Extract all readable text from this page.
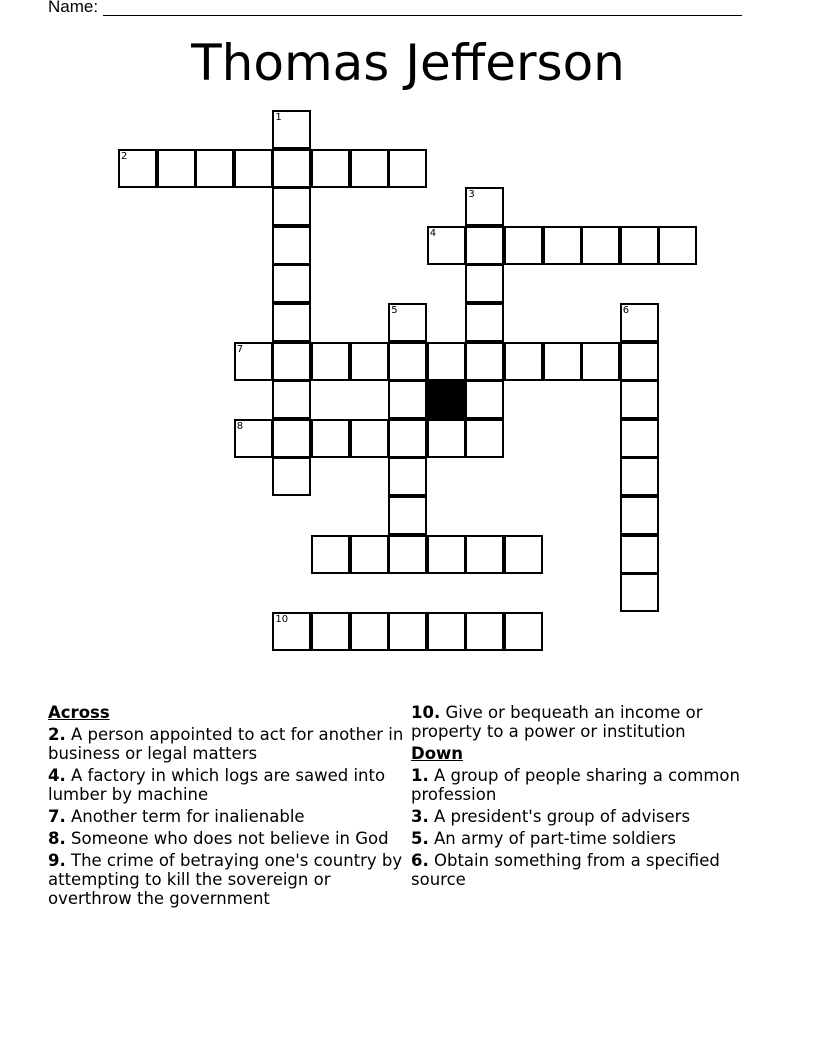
Name:
Thomas Jefferson
1
2
3
4
5	6
7
8
10
Across
2. A person appointed to act for another in business or legal matters
4. A factory in which logs are sawed into lumber by machine
7. Another term for inalienable
8. Someone who does not believe in God
9. The crime of betraying one's country by attempting to kill the sovereign or overthrow the government
10. Give or bequeath an income or property to a power or institution
Down
1. A group of people sharing a common profession
3. A president's group of advisers
5. An army of part-time soldiers
6. Obtain something from a specified source
